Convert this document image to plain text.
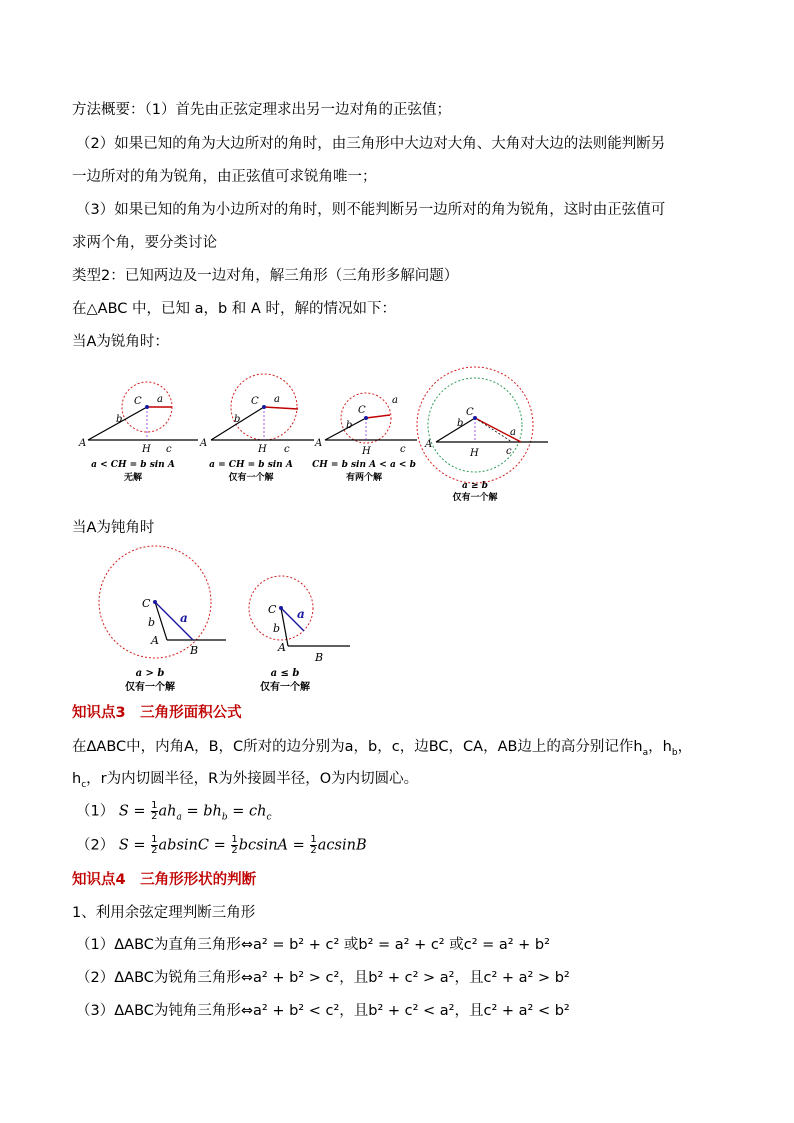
方法概要：（1）首先由正弦定理求出另一边对角的正弦值；
（2）如果已知的角为大边所对的角时，由三角形中大边对大角、大角对大边的法则能判断另
一边所对的角为锐角，由正弦值可求锐角唯一；
（3）如果已知的角为小边所对的角时，则不能判断另一边所对的角为锐角，这时由正弦值可
求两个角，要分类讨论
类型2：已知两边及一边对角，解三角形（三角形多解问题）
在△ABC 中，已知 a，b 和 A 时，解的情况如下：
当A为锐角时：
A
C
b
a
H c
a < CH = b sin A
无解
A
C
b
a
H c
a = CH = b sin A
仅有一个解
A
C
b
a
H	c
CH = b sin A < a < b
有两个解
A
C
b
a
H	c
a ≥ b
仅有一个解
当A为钝角时
C
b a
A
B
a > b
仅有一个解
C
b
a
A
B
a ≤ b
仅有一个解
知识点3　三角形面积公式
在ΔABC中，内角A，B，C所对的边分别为a，b，c，边BC，CA，AB边上的高分别记作$h_a$，$h_b$，
$h_c$，r为内切圆半径，R为外接圆半径，O为内切圆心。
（1） $S = \frac{1}{2} ah_a = bh_b = ch_c$
（2） $S = \frac{1}{2}$ $absinC = \frac{1}{2}$ $bcsinA = \frac{1}{2}$ acsinB
知识点4　三角形形状的判断
1、利用余弦定理判断三角形
（1）ΔABC为直角三角形⇔a² = b² + c² 或b² = a² + c² 或c² = a² + b²
（2）ΔABC为锐角三角形⇔a² + b² > c²，且b² + c² > a²，且c² + a² > b²
（3）ΔABC为钝角三角形⇔a² + b² < c²，且b² + c² < a²，且c² + a² < b²
